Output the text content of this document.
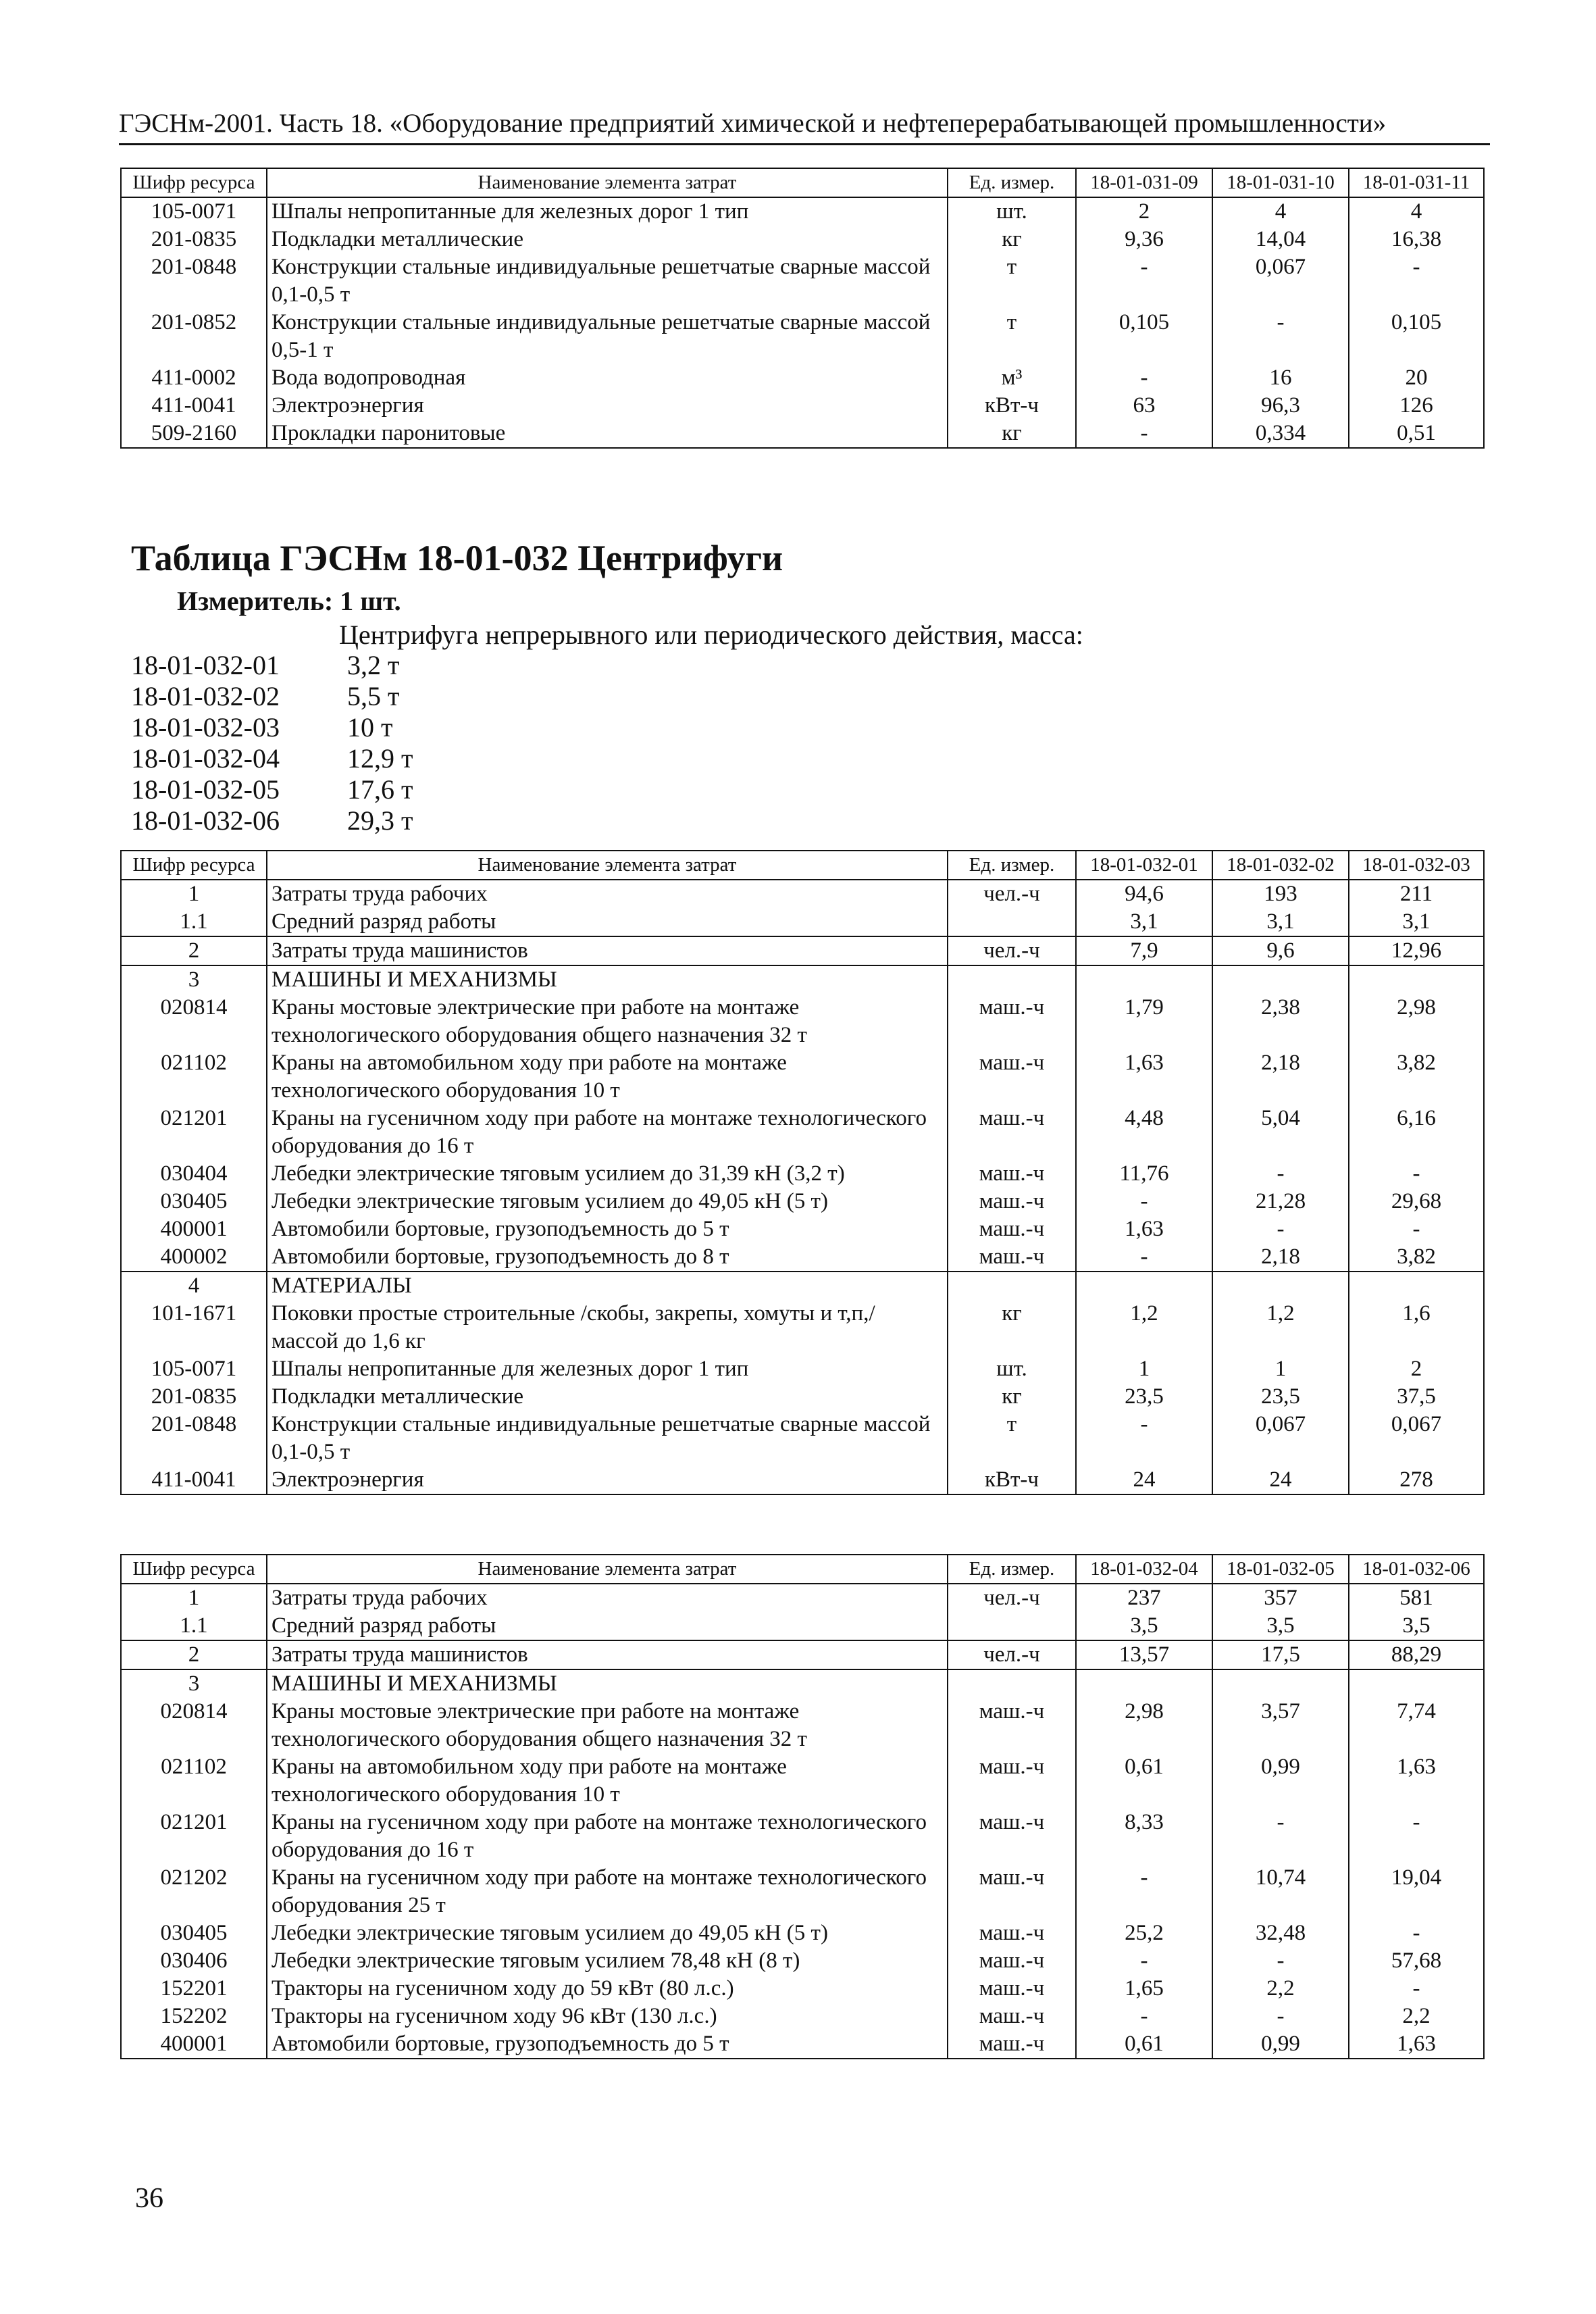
ГЭСНм-2001. Часть 18. «Оборудование предприятий химической и нефтеперерабатывающей промышленности»
Шифр ресурса	Наименование элемента затрат	Ед. измер.	18-01-031-09	18-01-031-10	18-01-031-11
105-0071	Шпалы непропитанные для железных дорог 1 тип	шт.	2	4	4
201-0835	Подкладки металлические	кг	9,36	14,04	16,38
201-0848	Конструкции стальные индивидуальные решетчатые сварные массой 0,1-0,5 т	т	-	0,067	-
201-0852	Конструкции стальные индивидуальные решетчатые сварные массой 0,5-1 т	т	0,105	-	0,105
411-0002	Вода водопроводная	м³	-	16	20
411-0041	Электроэнергия	кВт-ч	63	96,3	126
509-2160	Прокладки паронитовые	кг	-	0,334	0,51
Таблица ГЭСНм 18-01-032 Центрифуги
Измеритель: 1 шт.
Центрифуга непрерывного или периодического действия, масса:
18-01-032-01	3,2 т
18-01-032-02	5,5 т
18-01-032-03	10 т
18-01-032-04	12,9 т
18-01-032-05	17,6 т
18-01-032-06	29,3 т
Шифр ресурса	Наименование элемента затрат	Ед. измер.	18-01-032-01	18-01-032-02	18-01-032-03
1	Затраты труда рабочих	чел.-ч	94,6	193	211
1.1	Средний разряд работы		3,1	3,1	3,1
2	Затраты труда машинистов	чел.-ч	7,9	9,6	12,96
3	МАШИНЫ И МЕХАНИЗМЫ				
020814	Краны мостовые электрические при работе на монтаже технологического оборудования общего назначения 32 т	маш.-ч	1,79	2,38	2,98
021102	Краны на автомобильном ходу при работе на монтаже технологического оборудования 10 т	маш.-ч	1,63	2,18	3,82
021201	Краны на гусеничном ходу при работе на монтаже технологического оборудования до 16 т	маш.-ч	4,48	5,04	6,16
030404	Лебедки электрические тяговым усилием до 31,39 кН (3,2 т)	маш.-ч	11,76	-	-
030405	Лебедки электрические тяговым усилием до 49,05 кН (5 т)	маш.-ч	-	21,28	29,68
400001	Автомобили бортовые, грузоподъемность до 5 т	маш.-ч	1,63	-	-
400002	Автомобили бортовые, грузоподъемность до 8 т	маш.-ч	-	2,18	3,82
4	МАТЕРИАЛЫ				
101-1671	Поковки простые строительные /скобы, закрепы, хомуты и т,п,/ массой до 1,6 кг	кг	1,2	1,2	1,6
105-0071	Шпалы непропитанные для железных дорог 1 тип	шт.	1	1	2
201-0835	Подкладки металлические	кг	23,5	23,5	37,5
201-0848	Конструкции стальные индивидуальные решетчатые сварные массой 0,1-0,5 т	т	-	0,067	0,067
411-0041	Электроэнергия	кВт-ч	24	24	278
Шифр ресурса	Наименование элемента затрат	Ед. измер.	18-01-032-04	18-01-032-05	18-01-032-06
1	Затраты труда рабочих	чел.-ч	237	357	581
1.1	Средний разряд работы		3,5	3,5	3,5
2	Затраты труда машинистов	чел.-ч	13,57	17,5	88,29
3	МАШИНЫ И МЕХАНИЗМЫ				
020814	Краны мостовые электрические при работе на монтаже технологического оборудования общего назначения 32 т	маш.-ч	2,98	3,57	7,74
021102	Краны на автомобильном ходу при работе на монтаже технологического оборудования 10 т	маш.-ч	0,61	0,99	1,63
021201	Краны на гусеничном ходу при работе на монтаже технологического оборудования до 16 т	маш.-ч	8,33	-	-
021202	Краны на гусеничном ходу при работе на монтаже технологического оборудования 25 т	маш.-ч	-	10,74	19,04
030405	Лебедки электрические тяговым усилием до 49,05 кН (5 т)	маш.-ч	25,2	32,48	-
030406	Лебедки электрические тяговым усилием 78,48 кН (8 т)	маш.-ч	-	-	57,68
152201	Тракторы на гусеничном ходу до 59 кВт (80 л.с.)	маш.-ч	1,65	2,2	-
152202	Тракторы на гусеничном ходу 96 кВт (130 л.с.)	маш.-ч	-	-	2,2
400001	Автомобили бортовые, грузоподъемность до 5 т	маш.-ч	0,61	0,99	1,63
36
